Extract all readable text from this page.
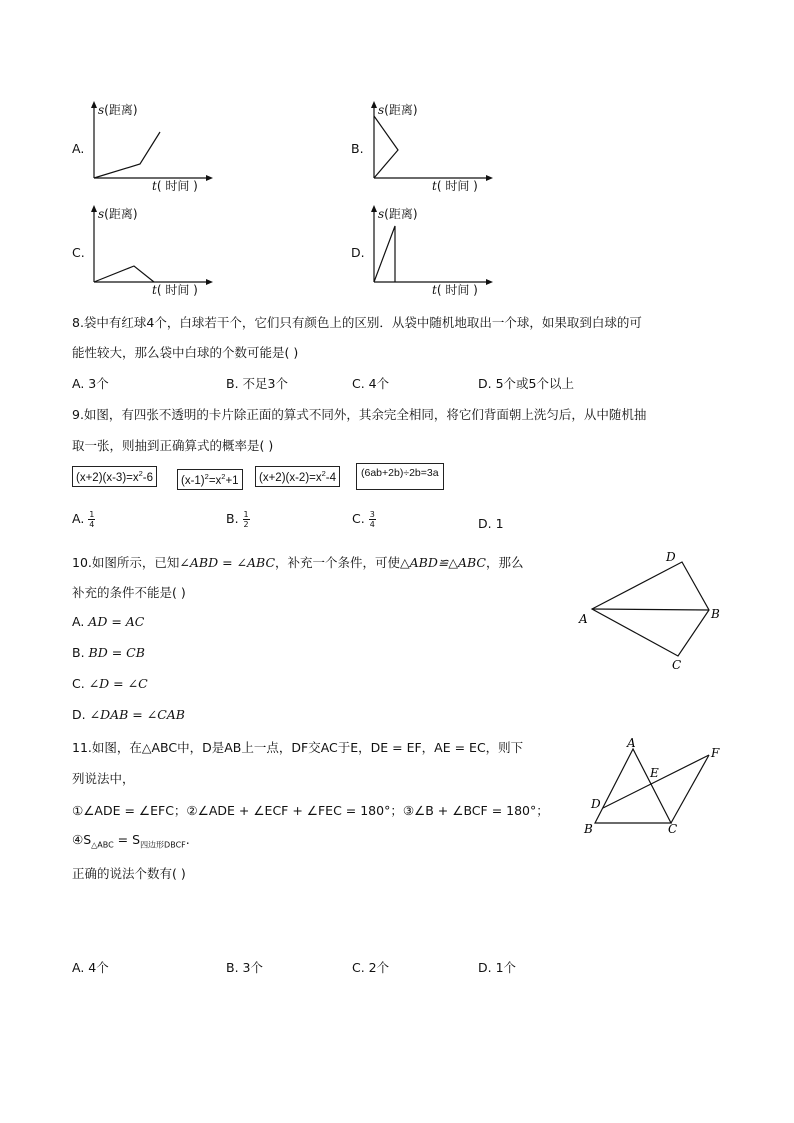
A.
s(距离)
t( 时间 )
B.
s(距离)
t( 时间 )
C.
s(距离)
t( 时间 )
D.
s(距离)
t( 时间 )
8.袋中有红球4个，白球若干个，它们只有颜色上的区别．从袋中随机地取出一个球，如果取到白球的可
能性较大，那么袋中白球的个数可能是( )
A. 3个	B. 不足3个	C. 4个	D. 5个或5个以上
9.如图，有四张不透明的卡片除正面的算式不同外，其余完全相同，将它们背面朝上洗匀后，从中随机抽
取一张，则抽到正确算式的概率是( )
$(x+2)(x-3)=x^2-6$	$(x-1)^2=x^2+1$	$(x+2)(x-2)=x^2-4$	(6ab+2b)÷2b=3a
A. $\frac{1}{4}$	B. $\frac{1}{2}$	C. $\frac{3}{4}$	D. 1
10.如图所示，已知∠ABD = ∠ABC，补充一个条件，可使△ABD≌△ABC，那么
补充的条件不能是( )
A. AD = AC
B. BD = CB
C. ∠D = ∠C
D. ∠DAB = ∠CAB
D
A	B
C
11.如图，在△ABC中，D是AB上一点，DF交AC于E，DE = EF，AE = EC，则下
列说法中，
①∠ADE = ∠EFC；②∠ADE + ∠ECF + ∠FEC = 180°；③∠B + ∠BCF = 180°；
$④S_{\triangle ABC} = S_{四边形DBCF}$.
正确的说法个数有( )
A. 4个	B. 3个	C. 2个	D. 1个
A
F
E
D
B	C
